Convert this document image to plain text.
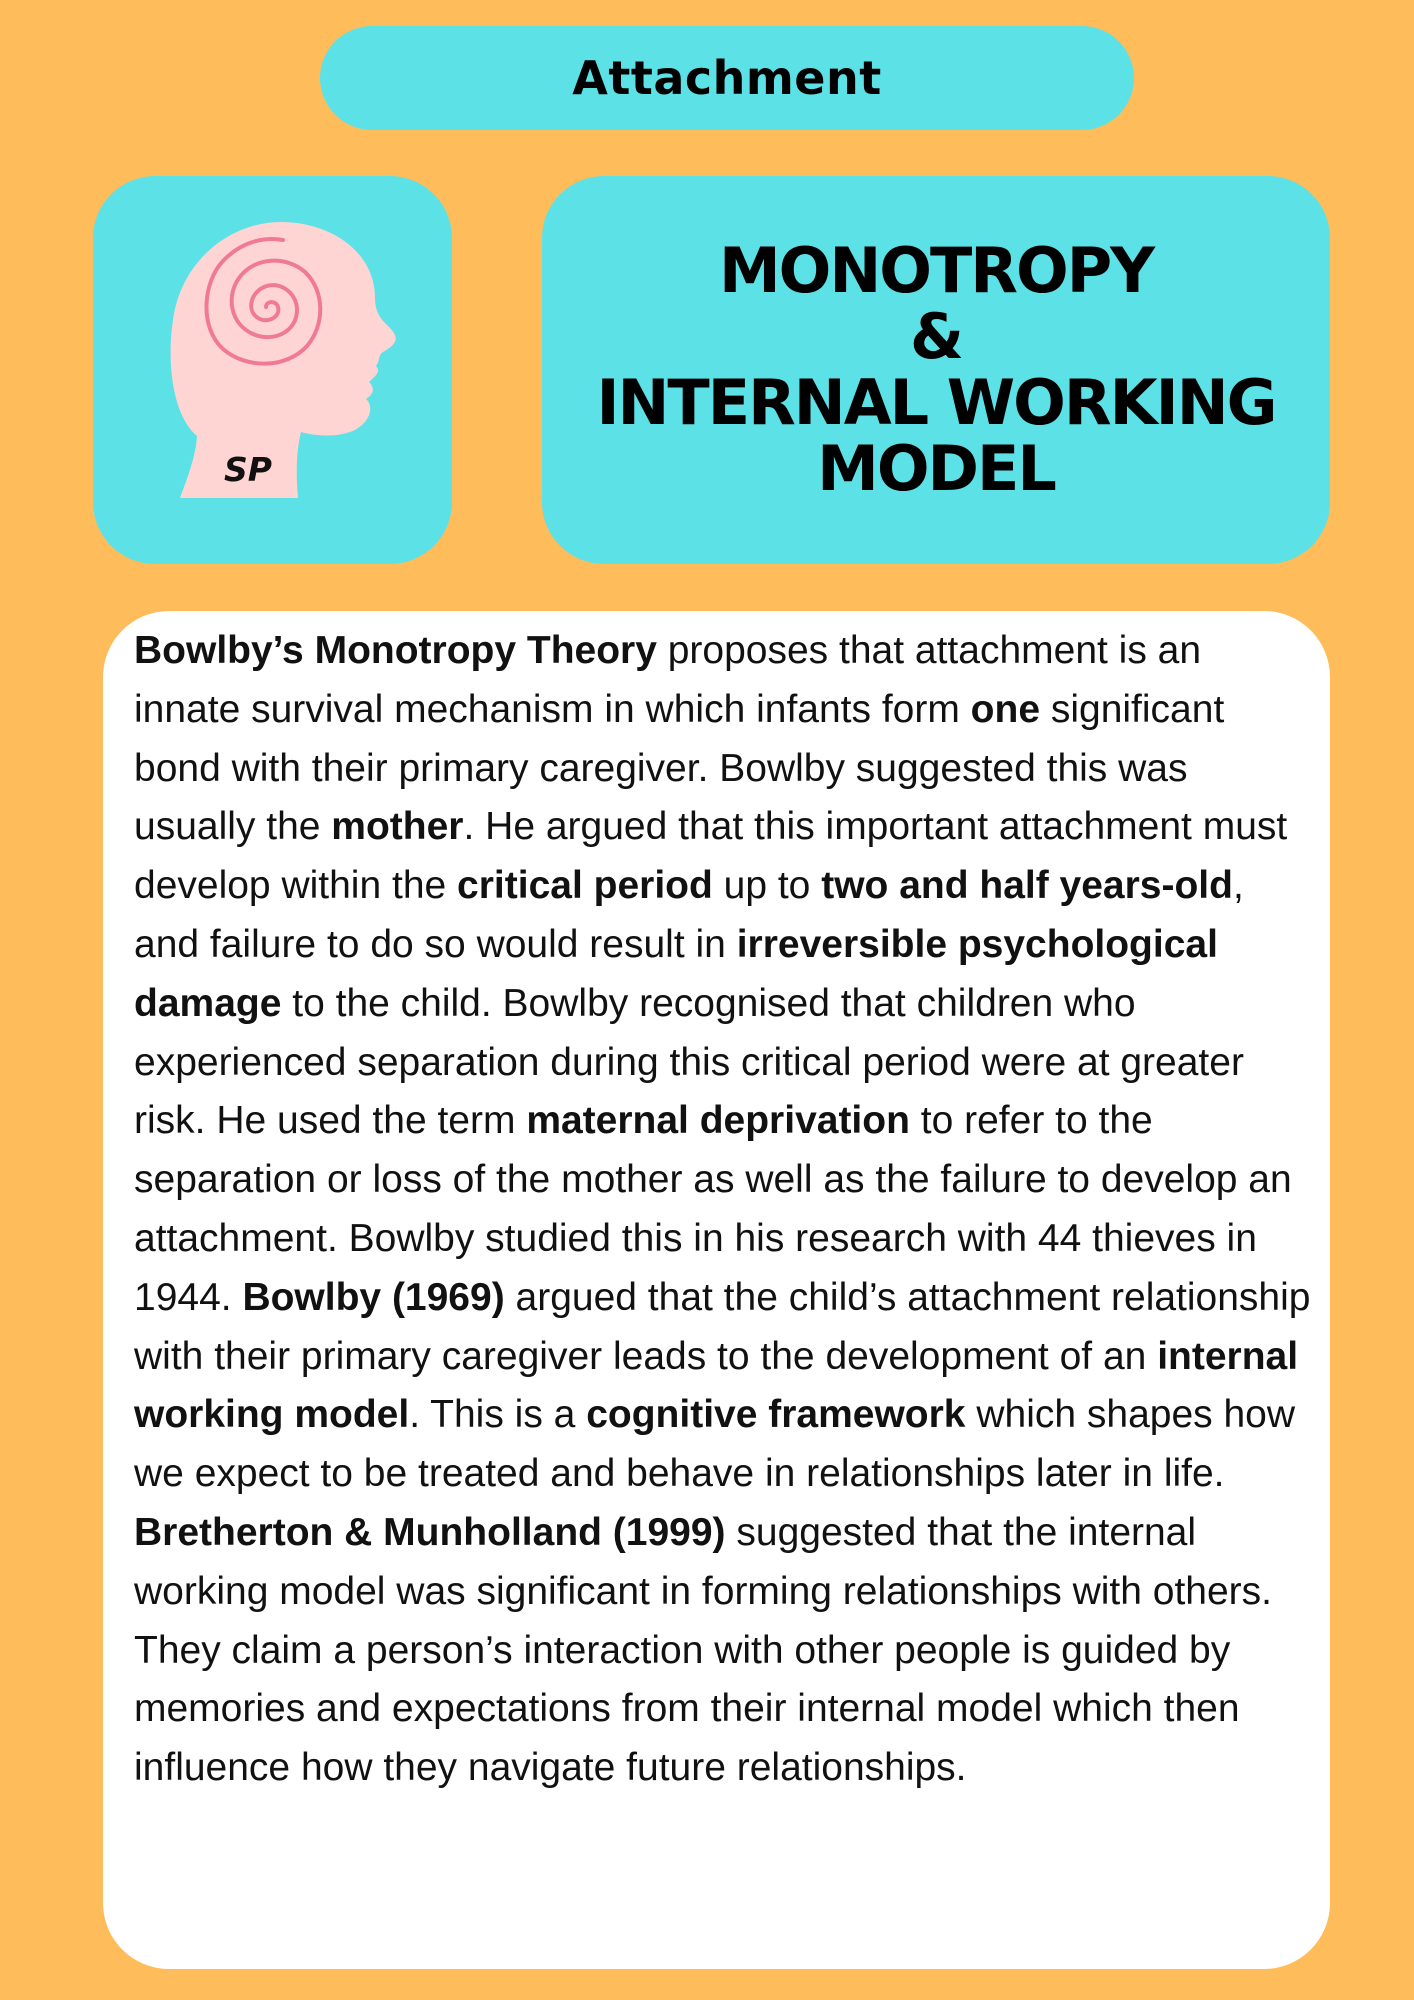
Attachment
SP
MONOTROPY
&
INTERNAL WORKING
MODEL

Bowlby’s Monotropy Theory proposes that attachment is an innate survival mechanism in which infants form one significant bond with their primary caregiver. Bowlby suggested this was usually the mother. He argued that this important attachment must develop within the critical period up to two and half years-old, and failure to do so would result in irreversible psychological damage to the child. Bowlby recognised that children who experienced separation during this critical period were at greater risk. He used the term maternal deprivation to refer to the separation or loss of the mother as well as the failure to develop an attachment. Bowlby studied this in his research with 44 thieves in 1944. Bowlby (1969) argued that the child’s attachment relationship with their primary caregiver leads to the development of an internal working model. This is a cognitive framework which shapes how we expect to be treated and behave in relationships later in life. Bretherton & Munholland (1999) suggested that the internal working model was significant in forming relationships with others. They claim a person’s interaction with other people is guided by memories and expectations from their internal model which then influence how they navigate future relationships.
